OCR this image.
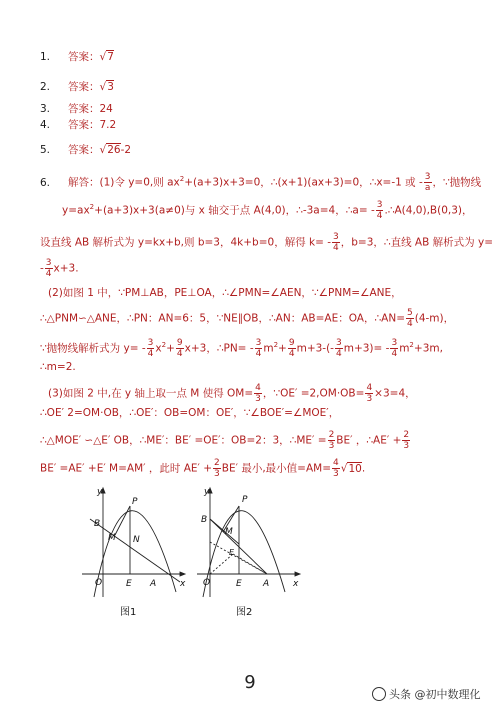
1. 答案：√7
2. 答案：√3
3. 答案：24
4. 答案：7.2
5. 答案：√26-2
6. 解答：(1)令 y=0,则 $ax^2+(a+3)x+3=0$，∴(x+1)(ax+3)=0，∴x=-1 或 - $\frac{3}{a}$ ，∵抛物线
$y=ax^2+(a+3)x+3(a\ne 0)$与 x 轴交于点 A(4,0)，∴-3a=4，∴a= - $\frac{3}{4}$ .∴A(4,0),B(0,3)，
设直线 AB 解析式为 y=kx+b,则 b=3，4k+b=0，解得 $k= - \frac{3}{4}$ ，b=3，∴直线 AB 解析式为 y=
- $\frac{3}{4} x+3$.
(2)如图 1 中，∵PM⊥AB，PE⊥OA，∴∠PMN=∠AEN，∵∠PNM=∠ANE，
∴△PNM∽△ANE，∴PN：AN=6：5，∵NE∥OB，∴AN：AB=AE：OA，∴AN= $\frac{5}{4} (4-m)$，
∵抛物线解析式为 $y= - \frac{3}{4} x^2+ \frac{9}{4} x+3$，∴PN= - $\frac{3}{4} m^2+ \frac{9}{4} m+3-(- \frac{3}{4} m+3)= - \frac{3}{4} m^2+3m$,
∴m=2.
(3)如图 2 中,在 y 轴上取一点 M 使得 $OM= \frac{4}{3}$ ，∵OE′ $=2,OM\cdot OB= \frac{4}{3} \times 3=4$，
∴OE′ 2=OM·OB，∴OE′：OB=OM：OE′，∵∠BOE′=∠MOE′，
∴△MOE′ ∽△E′ OB，∴ME′：BE′ =OE′：OB=2：3，∴ME′ = $\frac{2}{3} BE'$ ，∴AE′ + $\frac{2}{3}$
BE′ =AE′ +E′ M=AM′ ，此时 $AE' + \frac{2}{3} BE'$ 最小,最小值$=AM= \frac{4}{3} √10$.
y
x
P
B
M N
O	E A
图1
y
x
P
B
M
E
O	E A
图2
9
头条 @初中数理化
